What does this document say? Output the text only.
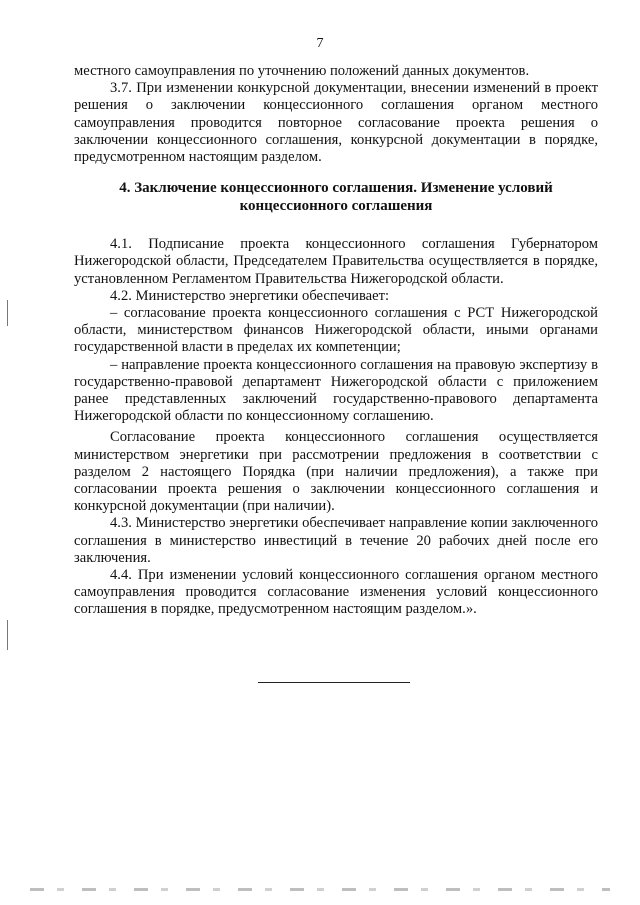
7

местного самоуправления по уточнению положений данных документов.

3.7. При изменении конкурсной документации, внесении изменений в проект решения о заключении концессионного соглашения органом местного самоуправления проводится повторное согласование проекта решения о заключении концессионного соглашения, конкурсной документации в порядке, предусмотренном настоящим разделом.

4. Заключение концессионного соглашения. Изменение условий концессионного соглашения

4.1. Подписание проекта концессионного соглашения Губернатором Нижегородской области, Председателем Правительства осуществляется в порядке, установленном Регламентом Правительства Нижегородской области.

4.2. Министерство энергетики обеспечивает:

– согласование проекта концессионного соглашения с РСТ Нижегородской области, министерством финансов Нижегородской области, иными органами государственной власти в пределах их компетенции;

– направление проекта концессионного соглашения на правовую экспертизу в государственно-правовой департамент Нижегородской области с приложением ранее представленных заключений государственно-правового департамента Нижегородской области по концессионному соглашению.

Согласование проекта концессионного соглашения осуществляется министерством энергетики при рассмотрении предложения в соответствии с разделом 2 настоящего Порядка (при наличии предложения), а также при согласовании проекта решения о заключении концессионного соглашения и конкурсной документации (при наличии).

4.3. Министерство энергетики обеспечивает направление копии заключенного соглашения в министерство инвестиций в течение 20 рабочих дней после его заключения.

4.4. При изменении условий концессионного соглашения органом местного самоуправления проводится согласование изменения условий концессионного соглашения в порядке, предусмотренном настоящим разделом.».
